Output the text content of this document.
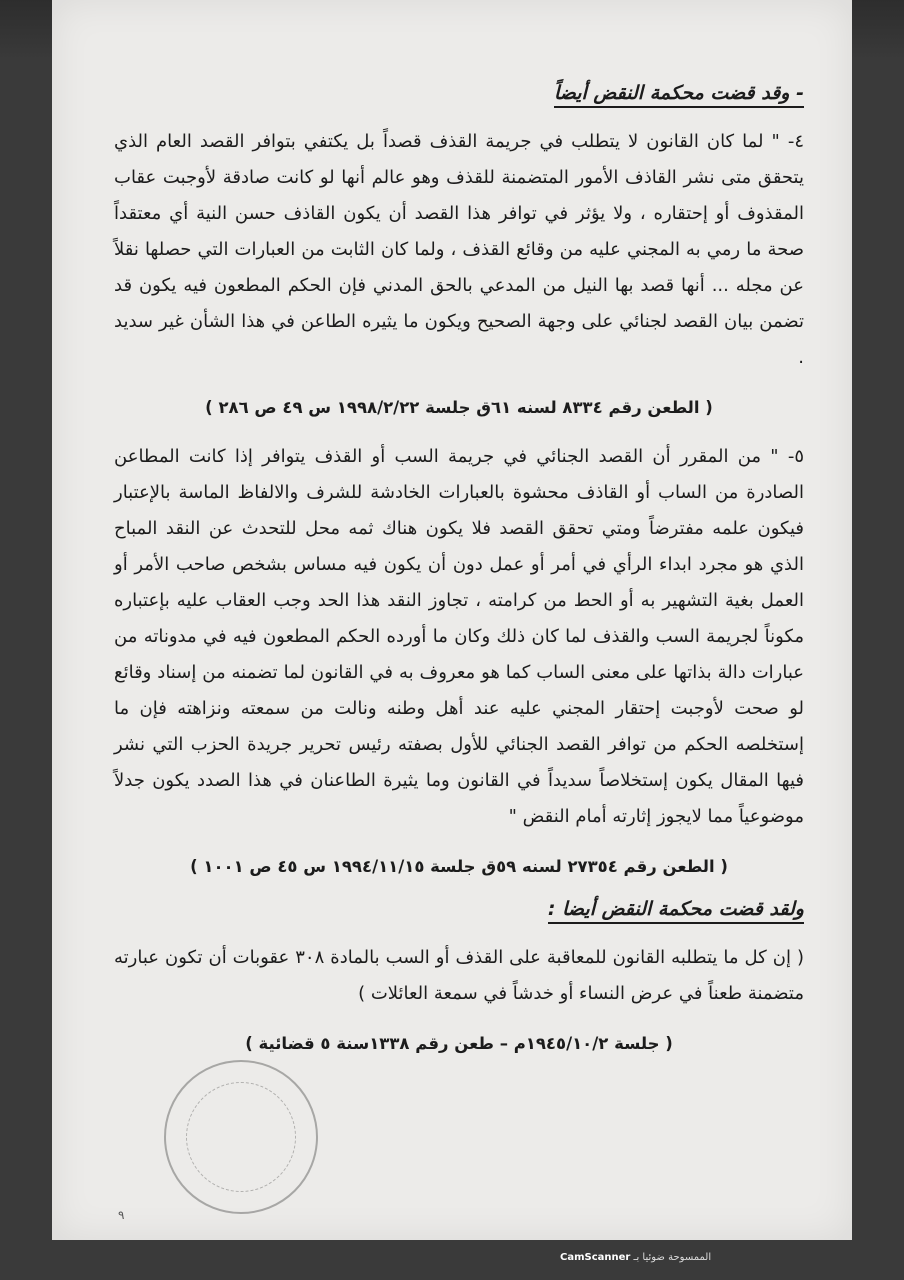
- وقد قضت محكمة النقض أيضاً

٤- " لما كان القانون لا يتطلب في جريمة القذف قصداً بل يكتفي بتوافر القصد العام الذي يتحقق متى نشر القاذف الأمور المتضمنة للقذف وهو عالم أنها لو كانت صادقة لأوجبت عقاب المقذوف أو إحتقاره ، ولا يؤثر في توافر هذا القصد أن يكون القاذف حسن النية أي معتقداً صحة ما رمي به المجني عليه من وقائع القذف ، ولما كان الثابت من العبارات التي حصلها نقلاً عن مجله ... أنها قصد بها النيل من المدعي بالحق المدني فإن الحكم المطعون فيه يكون قد تضمن بيان القصد لجنائي على وجهة الصحيح ويكون ما يثيره الطاعن في هذا الشأن غير سديد .

( الطعن رقم ٨٣٣٤ لسنه ٦١ق جلسة ١٩٩٨/٢/٢٢ س ٤٩ ص ٢٨٦ )

٥- " من المقرر أن القصد الجنائي في جريمة السب أو القذف يتوافر إذا كانت المطاعن الصادرة من الساب أو القاذف محشوة بالعبارات الخادشة للشرف والالفاظ الماسة بالإعتبار فيكون علمه مفترضاً ومتي تحقق القصد فلا يكون هناك ثمه محل للتحدث عن النقد المباح الذي هو مجرد ابداء الرأي في أمر أو عمل دون أن يكون فيه مساس بشخص صاحب الأمر أو العمل بغية التشهير به أو الحط من كرامته ، تجاوز النقد هذا الحد وجب العقاب عليه بإعتباره مكوناً لجريمة السب والقذف لما كان ذلك وكان ما أورده الحكم المطعون فيه في مدوناته من عبارات دالة بذاتها على معنى الساب كما هو معروف به في القانون لما تضمنه من إسناد وقائع لو صحت لأوجبت إحتقار المجني عليه عند أهل وطنه ونالت من سمعته ونزاهته فإن ما إستخلصه الحكم من توافر القصد الجنائي للأول بصفته رئيس تحرير جريدة الحزب التي نشر فيها المقال يكون إستخلاصاً سديداً في القانون وما يثيرة الطاعنان في هذا الصدد يكون جدلاً موضوعياً مما لايجوز إثارته أمام النقض "

( الطعن رقم ٢٧٣٥٤ لسنه ٥٩ق جلسة ١٩٩٤/١١/١٥ س ٤٥ ص ١٠٠١ )
ولقد قضت محكمة النقض أيضا :

( إن كل ما يتطلبه القانون للمعاقبة على القذف أو السب بالمادة ٣٠٨ عقوبات أن تكون عبارته متضمنة طعناً في عرض النساء أو خدشاً في سمعة العائلات )

( جلسة ١٩٤٥/١٠/٢م – طعن رقم ١٣٣٨سنة ٥ قضائية )
٩
الممسوحة ضوئيا بـ CamScanner
